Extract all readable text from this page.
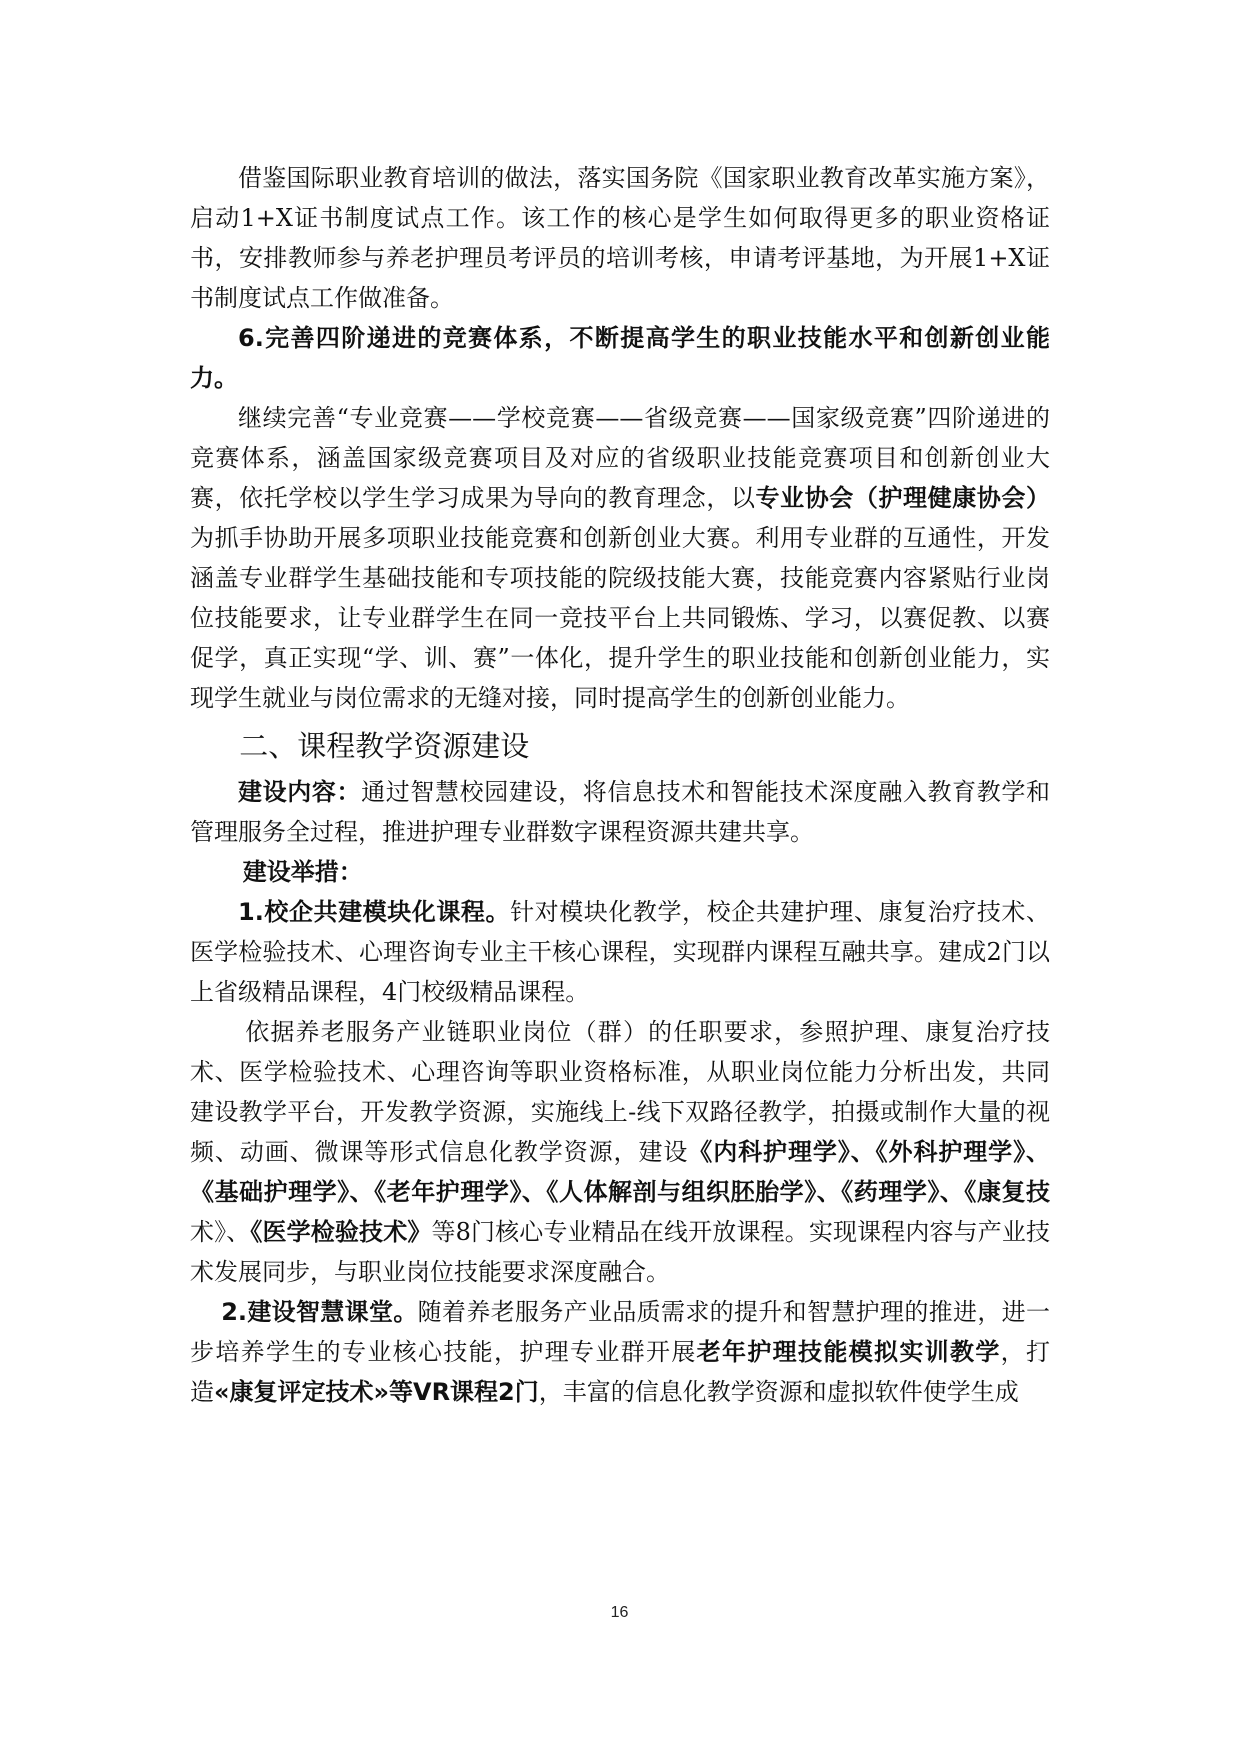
借鉴国际职业教育培训的做法，落实国务院《国家职业教育改革实施方案》，启动1+X证书制度试点工作。该工作的核心是学生如何取得更多的职业资格证书，安排教师参与养老护理员考评员的培训考核，申请考评基地，为开展1+X证书制度试点工作做准备。

6.完善四阶递进的竞赛体系，不断提高学生的职业技能水平和创新创业能力。

继续完善“专业竞赛——学校竞赛——省级竞赛——国家级竞赛”四阶递进的竞赛体系，涵盖国家级竞赛项目及对应的省级职业技能竞赛项目和创新创业大赛，依托学校以学生学习成果为导向的教育理念，以专业协会（护理健康协会）为抓手协助开展多项职业技能竞赛和创新创业大赛。利用专业群的互通性，开发涵盖专业群学生基础技能和专项技能的院级技能大赛，技能竞赛内容紧贴行业岗位技能要求，让专业群学生在同一竞技平台上共同锻炼、学习，以赛促教、以赛促学，真正实现“学、训、赛”一体化，提升学生的职业技能和创新创业能力，实现学生就业与岗位需求的无缝对接，同时提高学生的创新创业能力。

二、课程教学资源建设

建设内容：通过智慧校园建设，将信息技术和智能技术深度融入教育教学和管理服务全过程，推进护理专业群数字课程资源共建共享。

建设举措：

1.校企共建模块化课程。针对模块化教学，校企共建护理、康复治疗技术、医学检验技术、心理咨询专业主干核心课程，实现群内课程互融共享。建成2门以上省级精品课程，4门校级精品课程。

依据养老服务产业链职业岗位（群）的任职要求，参照护理、康复治疗技术、医学检验技术、心理咨询等职业资格标准，从职业岗位能力分析出发，共同建设教学平台，开发教学资源，实施线上-线下双路径教学，拍摄或制作大量的视频、动画、微课等形式信息化教学资源，建设《内科护理学》、《外科护理学》、《基础护理学》、《老年护理学》、《人体解剖与组织胚胎学》、《药理学》、《康复技术》、《医学检验技术》等8门核心专业精品在线开放课程。实现课程内容与产业技术发展同步，与职业岗位技能要求深度融合。

2.建设智慧课堂。随着养老服务产业品质需求的提升和智慧护理的推进，进一步培养学生的专业核心技能，护理专业群开展老年护理技能模拟实训教学，打造«康复评定技术»等VR课程2门，丰富的信息化教学资源和虚拟软件使学生成

16
